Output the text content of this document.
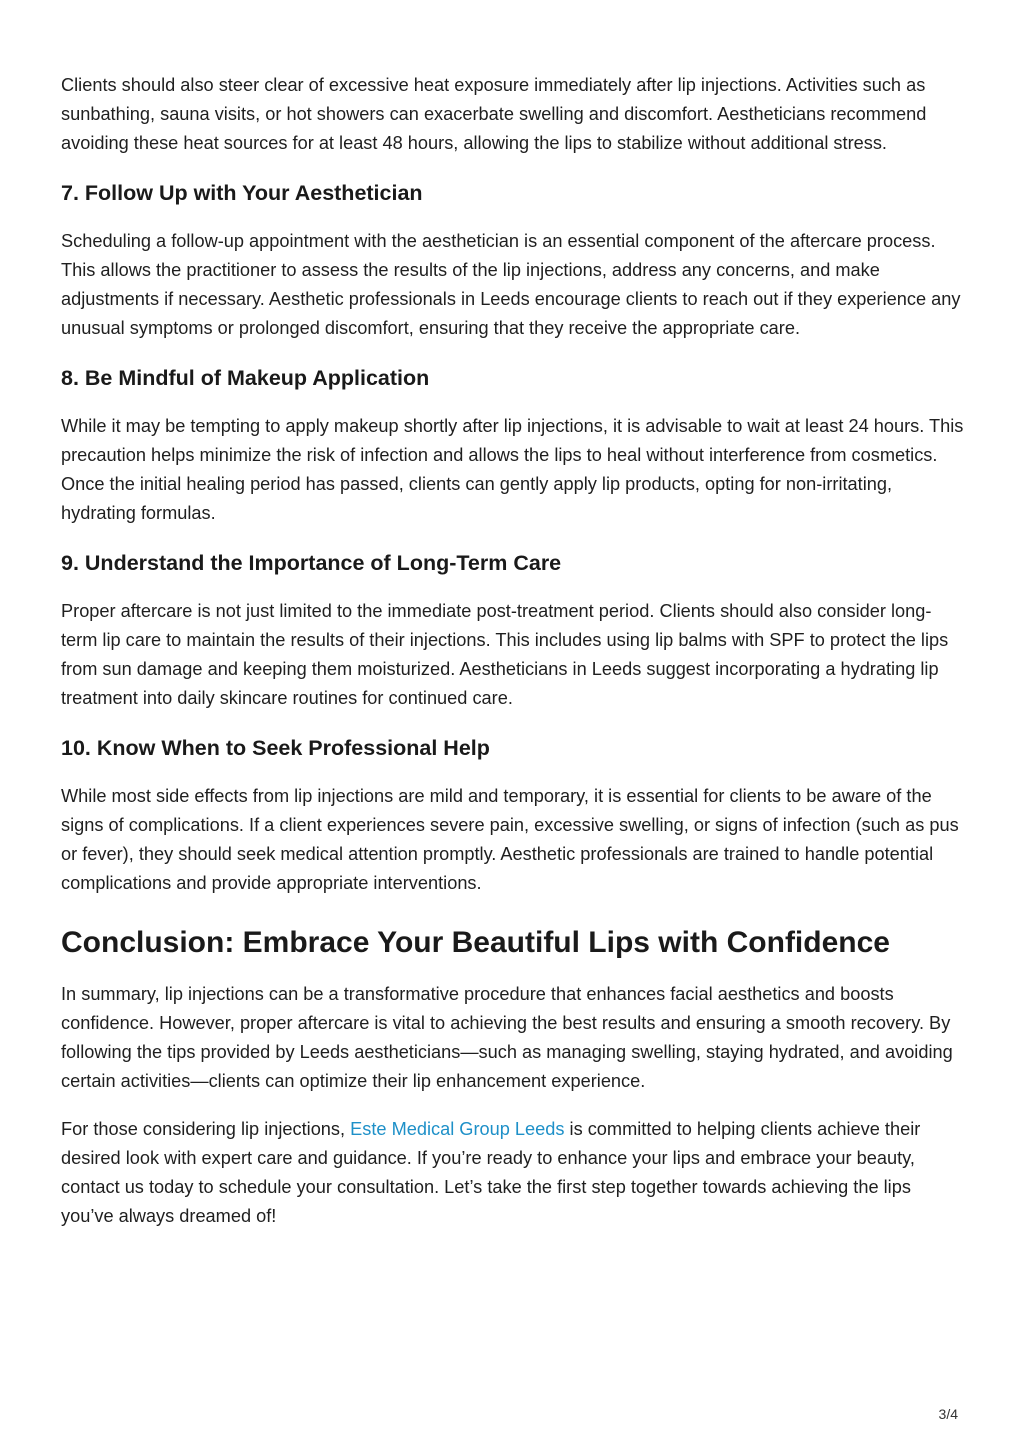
Clients should also steer clear of excessive heat exposure immediately after lip injections. Activities such as sunbathing, sauna visits, or hot showers can exacerbate swelling and discomfort. Aestheticians recommend avoiding these heat sources for at least 48 hours, allowing the lips to stabilize without additional stress.

7. Follow Up with Your Aesthetician

Scheduling a follow-up appointment with the aesthetician is an essential component of the aftercare process. This allows the practitioner to assess the results of the lip injections, address any concerns, and make adjustments if necessary. Aesthetic professionals in Leeds encourage clients to reach out if they experience any unusual symptoms or prolonged discomfort, ensuring that they receive the appropriate care.

8. Be Mindful of Makeup Application

While it may be tempting to apply makeup shortly after lip injections, it is advisable to wait at least 24 hours. This precaution helps minimize the risk of infection and allows the lips to heal without interference from cosmetics. Once the initial healing period has passed, clients can gently apply lip products, opting for non-irritating, hydrating formulas.

9. Understand the Importance of Long-Term Care

Proper aftercare is not just limited to the immediate post-treatment period. Clients should also consider long-term lip care to maintain the results of their injections. This includes using lip balms with SPF to protect the lips from sun damage and keeping them moisturized. Aestheticians in Leeds suggest incorporating a hydrating lip treatment into daily skincare routines for continued care.

10. Know When to Seek Professional Help

While most side effects from lip injections are mild and temporary, it is essential for clients to be aware of the signs of complications. If a client experiences severe pain, excessive swelling, or signs of infection (such as pus or fever), they should seek medical attention promptly. Aesthetic professionals are trained to handle potential complications and provide appropriate interventions.

Conclusion: Embrace Your Beautiful Lips with Confidence

In summary, lip injections can be a transformative procedure that enhances facial aesthetics and boosts confidence. However, proper aftercare is vital to achieving the best results and ensuring a smooth recovery. By following the tips provided by Leeds aestheticians—such as managing swelling, staying hydrated, and avoiding certain activities—clients can optimize their lip enhancement experience.

For those considering lip injections, Este Medical Group Leeds is committed to helping clients achieve their desired look with expert care and guidance. If you’re ready to enhance your lips and embrace your beauty, contact us today to schedule your consultation. Let’s take the first step together towards achieving the lips you’ve always dreamed of!

3/4
